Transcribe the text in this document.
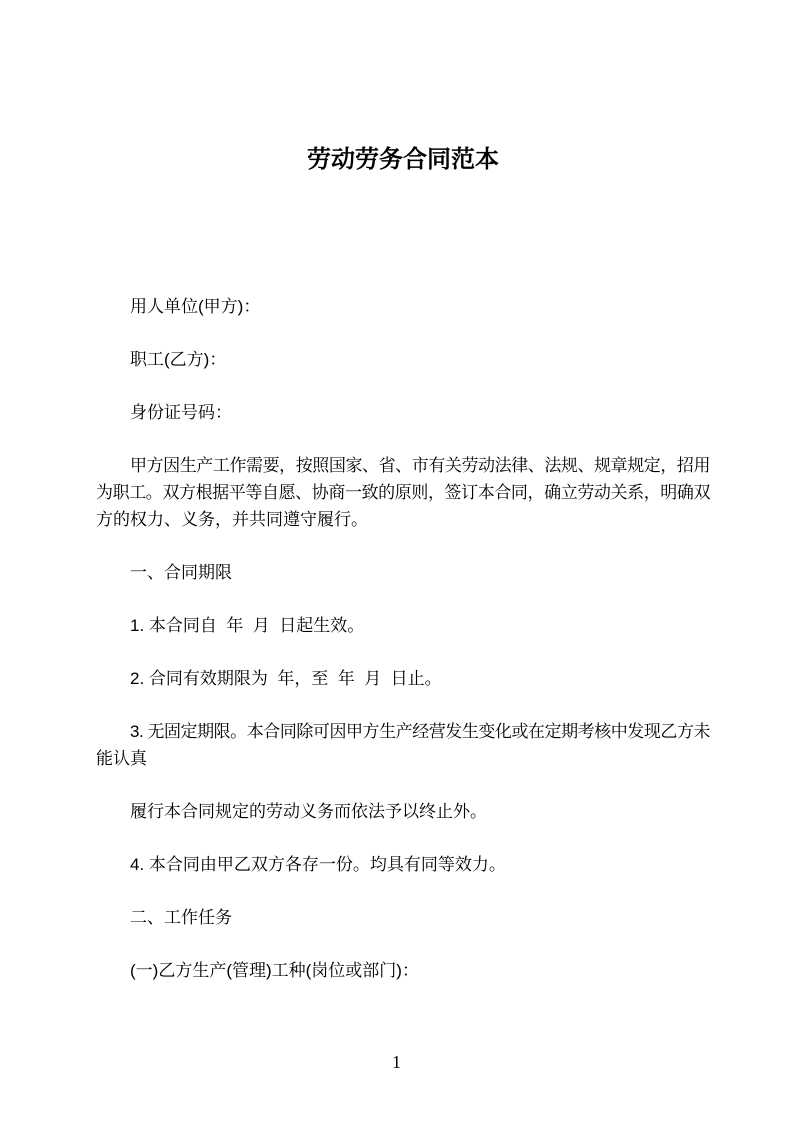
劳动劳务合同范本

用人单位(甲方)：

职工(乙方)：

身份证号码：

甲方因生产工作需要，按照国家、省、市有关劳动法律、法规、规章规定，招用
为职工。双方根据平等自愿、协商一致的原则，签订本合同，确立劳动关系，明确双
方的权力、义务，并共同遵守履行。

一、合同期限

1. 本合同自  年  月  日起生效。

2. 合同有效期限为  年，至  年  月  日止。

3. 无固定期限。本合同除可因甲方生产经营发生变化或在定期考核中发现乙方未
能认真

履行本合同规定的劳动义务而依法予以终止外。

4. 本合同由甲乙双方各存一份。均具有同等效力。

二、工作任务

(一)乙方生产(管理)工种(岗位或部门)：

1
